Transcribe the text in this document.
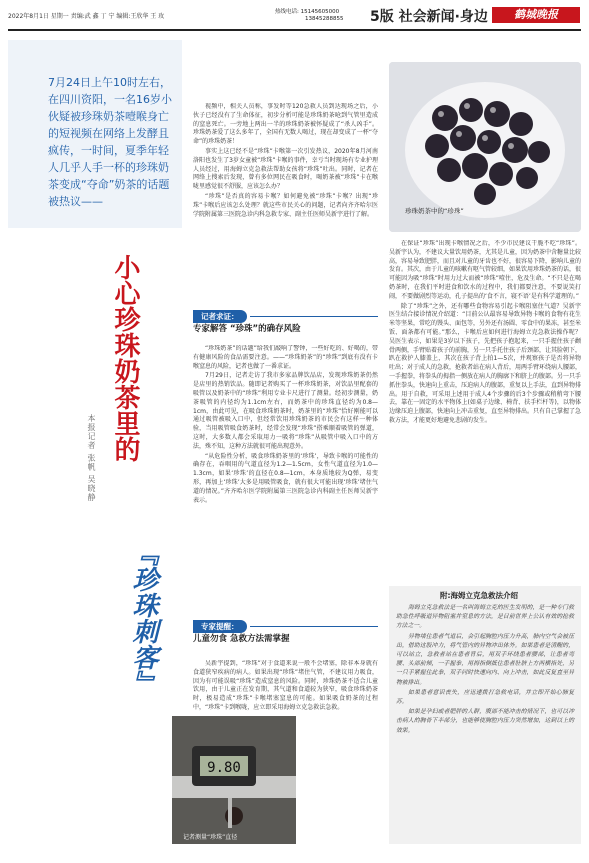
2022年8月1日 星期一 责编:武 鑫 丁 宁 编辑:王欣华 王 玫
热线电话: 15145605000
13845288855 5版 社会新闻·身边	鹤城晚报
7月24日上午10时左右，在四川资阳，一名16岁小伙疑被珍珠奶茶噎喉身亡的短视频在网络上发酵且疯传，一时间，夏季年轻人几乎人手一杯的珍珠奶茶变成“夺命”奶茶的话题被热议——
小心珍珠奶茶里的
『珍珠刺客』
本报记者 张帆 吴晓静

视频中，相关人员称，事发时等120急救人员到达现场之后，小伙子已经没有了生命体征，初步分析可能是珍珠奶茶呛到气管里造成的窒息死亡。一旁地上两出一半的珍珠奶茶被怀疑成了“杀人凶手”。珍珠奶茶爱了这么多年了，全国有无数人喝过，现在却变成了一杯“夺命”的珍珠奶茶！

事实上这已经不是“珍珠”卡喉第一次引发热议，2020年8月河南洛阳也发生了3岁女童被“珍珠”卡喉的事件，幸亏当时现场有专业护理人员经过，用海姆立克急救法帮助女孩将“珍珠”吐出。同时，记者在网络上搜索后发现，曾有多位网民在吸食时，喝奶茶被“珍珠”卡在喉咙里感觉很不舒服，应该怎么办？

“珍珠”是否真的容易卡喉？如何避免被“珍珠”卡喉？出现“珍珠”卡喉后应该怎么处理？就这些市民关心的问题，记者向齐齐哈尔医学院附属第三医院急诊内科急救专家、副主任医师吴新宇进行了解。

记者求证：
专家解答 “珍珠”的确存风险

“珍珠奶茶”的话题”给我们敲响了警钟，一些好吃的、好喝的，带有健康风险的食品需要注意。——“珍珠奶茶”的“珍珠”到底有没有卡喉窒息的风险，记者也做了一番求证。

7月29日，记者走访了我市多家品牌饮品店，发现珍珠奶茶仍然是店里的热销饮品。随即记者购买了一杯珍珠奶茶，对饮品里配套的吸管以及奶茶中的“珍珠”利用专业卡尺进行了测量。经初步测量，奶茶吸管的内径约为1.1cm左右，而奶茶中的珍珠直径约为0.8—1cm，由此可见，在吸食珍珠奶茶时，奶茶里的“珍珠”恰好刚能可以通过吸管被吸入口中，但经常饮用珍珠奶茶的市民会有这样一种体验，当用吸管吸食奶茶时，经常会发现“珍珠”搭乘顺着吸管的弹道，这时，大多数人都会采取用力一吸将“珍珠”从吸管中吸入口中的方法，殊不知，这种方法就很可能出现意外。

“从危险性分析，吸食珍珠奶茶里的‘珍珠’，导致卡喉的可能性的确存在，吞咽用的气道直径为1.2—1.5cm，女性气道直径为1.0—1.3cm，如果‘珍珠’的直径在0.8—1cm，本身质地较为Q弹，易变形，再加上‘珍珠’大多是用吸管吸食，就有很大可能出现‘珍珠’堵住气道的情况。”齐齐哈尔医学院附属第三医院急诊内科副主任医师吴新宇表示。

专家提醒：
儿童勿食 急救方法需掌握

吴新宇提到，“珍珠”对于食道来说一般不会堵塞，除非本身就有食道狭窄疾病的病人。如果出现“珍珠”堵住气管，不建议用力吸食，因为有可能误吸“珍珠”造成窒息的风险。同时，珍珠奶茶不适合儿童饮用，由于儿童正在发育期，其气道和食道较为狭窄，吸食珍珠奶茶时，极易造成“珍珠”卡喉堵塞窒息的可能。如果吸食奶茶的过程中，“珍珠”卡到喉咙，应立即采用海姆立克急救法急救。

9.80
记者测量“珍珠”直径
珍珠奶茶中的“珍珠”

在保证“珍珠”出现卡喉情况之后，不少市民建议干脆不吃“珍珠”。吴新宇认为，不建议大量饮用奶茶，尤其是儿童，因为奶茶中含糖量比较高，容易导致肥胖，而且对儿童的牙齿也不好，很容易下降，影响儿童的发育。其次，由于儿童的咳嗽有呕气管较细，如果饮用珍珠奶茶的话，很可能因为吸“珍珠”时用力过大而被“珍珠”噎住，危及生命。“不只是在喝奶茶时，在我们平时进食和饮水的过程中，我们都要注意，不要说笑打闹，不要做剧烈等运动，孔子提出的‘食不言，寝不语’是有科学道理的。”

除了“珍珠”之外，还有哪些食物容易引起卡喉阻塞住气道？吴新宇医生结合接诊情况介绍道：“目前公认最容易导致异物卡喉的食物有花生米等坚果，常吃的馒头、面包等，另外还有汤圆、零食中的果冻，甚至米饭、面条都有可能。”那么，卡喉后应如何进行海姆立克急救法操作呢？吴医生表示，如果是3岁以下孩子，先把孩子抱起来，一只手握住孩子颧骨两侧，手臂贴着孩子的前胸，另一只手托住孩子后颈部，让其脸朝下，趴在救护人膝盖上，其次在孩子背上拍1—5次，并观察孩子是否将异物吐出；对于成人的急救，抢救者站在病人背后，用两手臂环绕病人腰部，一手握拳，将拳头的拇指一侧放在病人的胸廓下和脐上的腹部。另一只手抓住拳头，快速向上重击，压迫病人的腹部，重复以上手法，直到异物排出。用于自救，可采用上述用于成人4个步骤的后3个步骤或稍稍弯下腰去，靠在一固定的水平物体上(如桌子边缘、椅背、扶手栏杆等)，以物体边缘压迫上腹部，快速向上冲击重复，直至异物排出。只有自己掌握了急救方法，才能更好地避免悲剧的发生。

附:海姆立克急救法介绍

海姆立克急救法是一名叫海姆立克的医生发明的，是一种专门救助急性呼吸道异物阻塞并窒息的方法，是目前世界上公认有效的抢救方法之一。

异物堵住患者气道后，会引起胸腔内压力升高，肺内空气会被压出，借助这股冲力，将气管内的异物冲出体外。如果患者是清醒的，可以站立，急救者站在患者背后，用双手环绕患者腰部，让患者弯腰、头部前倾，一手握拳，用拇指侧抵住患者肚脐上方两横指处，另一只手紧握住此拳，双手同时快速向内、向上冲击，如此反复直至异物被排出。

如果患者意识丧失，应迅速拨打急救电话，并立即开始心肺复苏。

如果是孕妇或者肥胖的人群，腹部不能冲击的情况下，也可以冲击病人的胸骨下半部分，也能够使胸腔内压力突然增加，达到以上的效果。
